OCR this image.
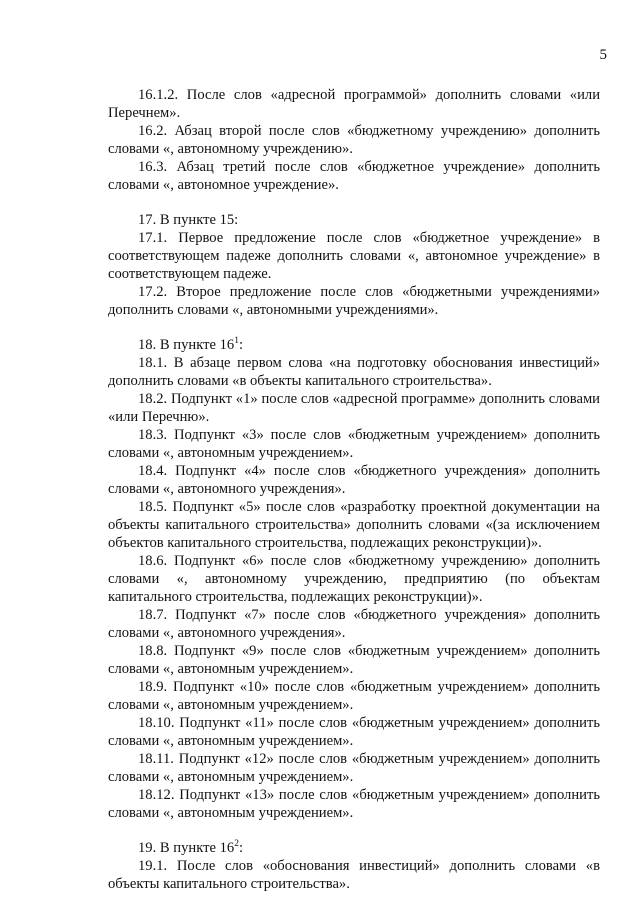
5

16.1.2. После слов «адресной программой» дополнить словами «или Перечнем».

16.2. Абзац второй после слов «бюджетному учреждению» дополнить словами «, автономному учреждению».

16.3. Абзац третий после слов «бюджетное учреждение» дополнить словами «, автономное учреждение».

17. В пункте 15:

17.1. Первое предложение после слов «бюджетное учреждение» в соответствующем падеже дополнить словами «, автономное учреждение» в соответствующем падеже.

17.2. Второе предложение после слов «бюджетными учреждениями» дополнить словами «, автономными учреждениями».

18. В пункте $16^1$:

18.1. В абзаце первом слова «на подготовку обоснования инвестиций» дополнить словами «в объекты капитального строительства».

18.2. Подпункт «1» после слов «адресной программе» дополнить словами «или Перечню».

18.3. Подпункт «3» после слов «бюджетным учреждением» дополнить словами «, автономным учреждением».

18.4. Подпункт «4» после слов «бюджетного учреждения» дополнить словами «, автономного учреждения».

18.5. Подпункт «5» после слов «разработку проектной документации на объекты капитального строительства» дополнить словами «(за исключением объектов капитального строительства, подлежащих реконструкции)».

18.6. Подпункт «6» после слов «бюджетному учреждению» дополнить словами «, автономному учреждению, предприятию (по объектам капитального строительства, подлежащих реконструкции)».

18.7. Подпункт «7» после слов «бюджетного учреждения» дополнить словами «, автономного учреждения».

18.8. Подпункт «9» после слов «бюджетным учреждением» дополнить словами «, автономным учреждением».

18.9. Подпункт «10» после слов «бюджетным учреждением» дополнить словами «, автономным учреждением».

18.10. Подпункт «11» после слов «бюджетным учреждением» дополнить словами «, автономным учреждением».

18.11. Подпункт «12» после слов «бюджетным учреждением» дополнить словами «, автономным учреждением».

18.12. Подпункт «13» после слов «бюджетным учреждением» дополнить словами «, автономным учреждением».

19. В пункте $16^2$:

19.1. После слов «обоснования инвестиций» дополнить словами «в объекты капитального строительства».
